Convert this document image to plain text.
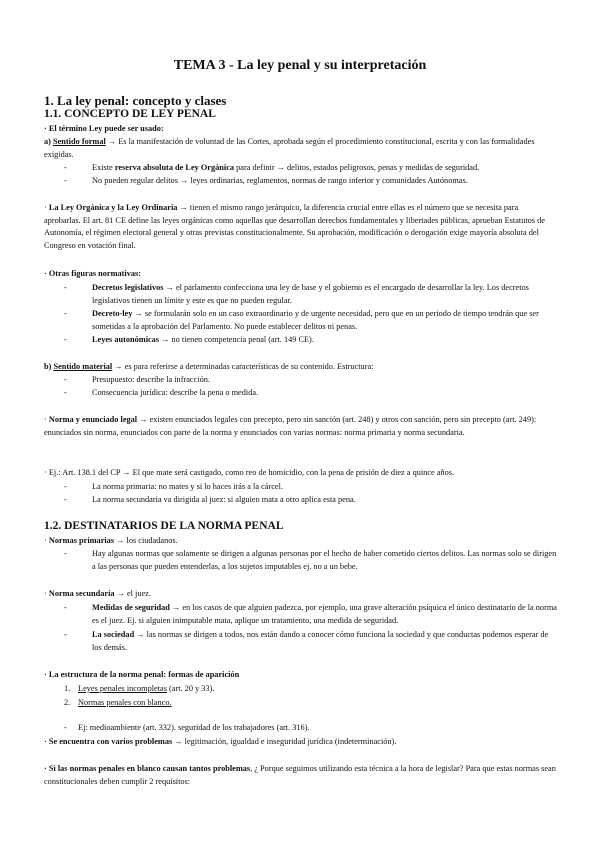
TEMA 3 - La ley penal y su interpretación
1. La ley penal: concepto y clases
1.1. CONCEPTO DE LEY PENAL
· El término Ley puede ser usado:
a) Sentido formal → Es la manifestación de voluntad de las Cortes, aprobada según el procedimiento constitucional, escrita y con las formalidades exigidas.
-	Existe reserva absoluta de Ley Orgánica para definir → delitos, estados peligrosos, penas y medidas de seguridad.
-	No pueden regular delitos → leyes ordinarias, reglamentos, normas de rango inferior y comunidades Autónomas.
· La Ley Orgánica y la Ley Ordinaria → tienen el mismo rango jerárquico, la diferencia crucial entre ellas es el número que se necesita para aprobarlas. El art. 81 CE define las leyes orgánicas como aquellas que desarrollan derechos fundamentales y libertades públicas, aprueban Estatutos de Autonomía, el régimen electoral general y otras previstas constitucionalmente. Su aprobación, modificación o derogación exige mayoría absoluta del Congreso en votación final.
· Otras figuras normativas:
-	Decretos legislativos → el parlamento confecciona una ley de base y el gobierno es el encargado de desarrollar la ley. Los decretos legislativos tienen un límite y este es que no pueden regular.
-	Decreto-ley → se formularán solo en un caso extraordinario y de urgente necesidad, pero que en un periodo de tiempo tendrán que ser sometidas a la aprobación del Parlamento. No puede establecer delitos ni penas.
-	Leyes autonómicas → no tienen competencia penal (art. 149 CE).
b) Sentido material → es para referirse a determinadas características de su contenido. Estructura:
-	Presupuesto: describe la infracción.
-	Consecuencia jurídica: describe la pena o medida.
· Norma y enunciado legal → existen enunciados legales con precepto, pero sin sanción (art. 248) y otros con sanción, pero sin precepto (art. 249): enunciados sin norma, enunciados con parte de la norma y enunciados con varias normas: norma primaria y norma secundaria.
· Ej.: Art. 138.1 del CP → El que mate será castigado, como reo de homicidio, con la pena de prisión de diez a quince años.
-	La norma primaria: no mates y si lo haces irás a la cárcel.
-	La norma secundaria va dirigida al juez: si alguien mata a otro aplica esta pena.
1.2. DESTINATARIOS DE LA NORMA PENAL
· Normas primarias → los ciudadanos.
-	Hay algunas normas que solamente se dirigen a algunas personas por el hecho de haber cometido ciertos delitos. Las normas solo se dirigen a las personas que pueden entenderlas, a los sujetos imputables ej. no a un bebe.
· Norma secundaria → el juez.
-	Medidas de seguridad → en los casos de que alguien padezca, por ejemplo, una grave alteración psíquica el único destinatario de la norma es el juez. Ej. si alguien inimputable mata, aplique un tratamiento, una medida de seguridad.
-	La sociedad → las normas se dirigen a todos, nos están dando a conocer cómo funciona la sociedad y que conductas podemos esperar de los demás.
· La estructura de la norma penal: formas de aparición
1. Leyes penales incompletas (art. 20 y 33).
2. Normas penales con blanco.
- Ej: medioambiente (art. 332). seguridad de los trabajadores (art. 316).
· Se encuentra con varios problemas → legitimación, igualdad e inseguridad jurídica (indeterminación).
· Si las normas penales en blanco causan tantos problemas, ¿ Porque seguimos utilizando esta técnica a la hora de legislar? Para que estas normas sean constitucionales deben cumplir 2 requisitos:
